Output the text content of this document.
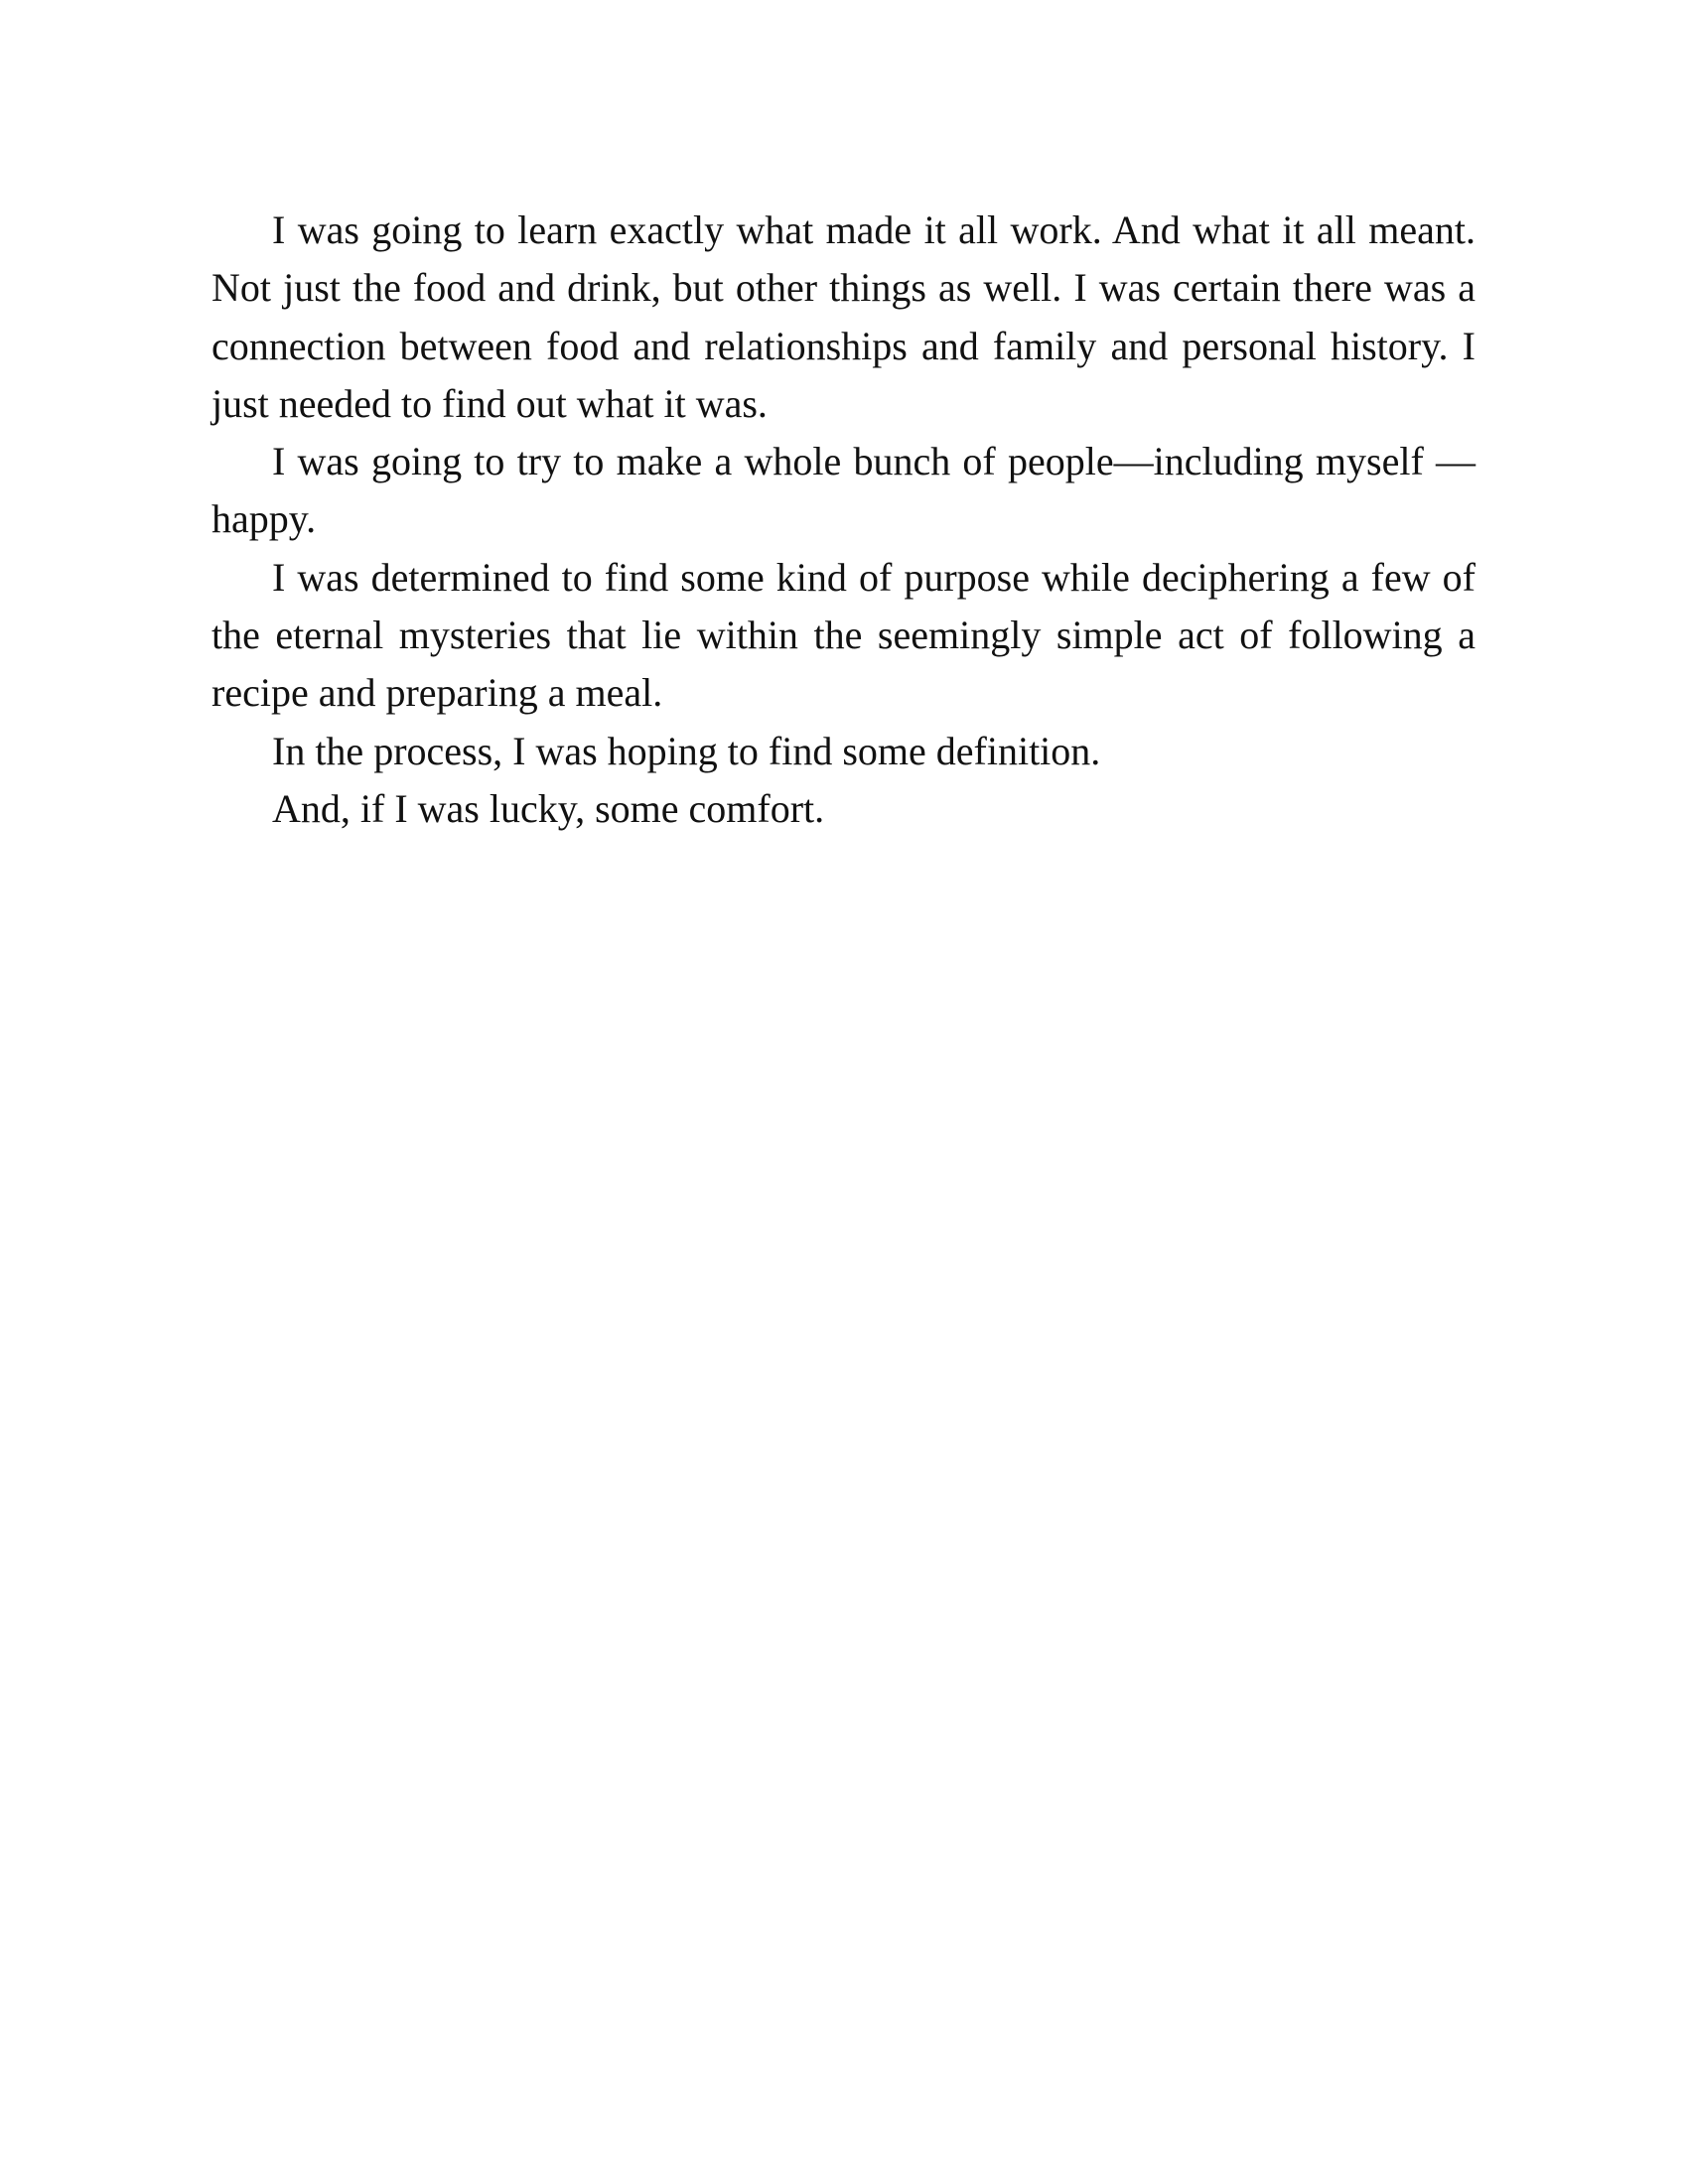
I was going to learn exactly what made it all work. And what it all meant. Not just the food and drink, but other things as well. I was certain there was a connection between food and relationships and family and personal history. I just needed to find out what it was.

I was going to try to make a whole bunch of people—including myself —happy.

I was determined to find some kind of purpose while deciphering a few of the eternal mysteries that lie within the seemingly simple act of following a recipe and preparing a meal.

In the process, I was hoping to find some definition.

And, if I was lucky, some comfort.
